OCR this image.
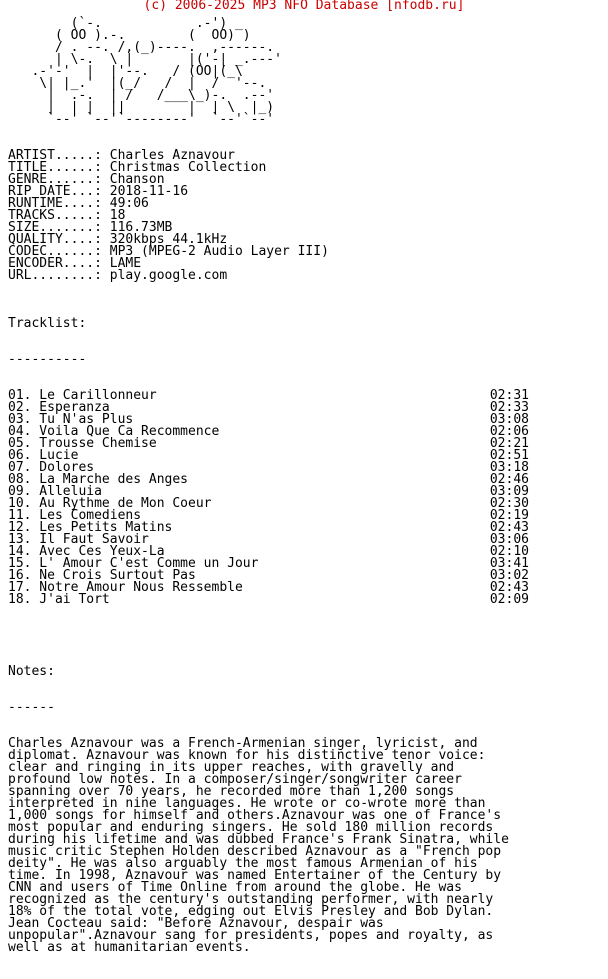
(c) 2006-2025 MP3 NFO Database [nfodb.ru]
(`-.            .-') _
( OO ).-.        (  OO) )
/ . --. /,(_)----.  ,------.
| \-.  \ |       |('-| _.---'
.-'-'  |  |'--.   / (OO|(_\
\| |_.'  |(_/   /  |  /  '--.
|  .-.  | /   /___\_)-.  .--'
|  | |  ||        |  | \  |_)
`--' `--'`--------'  `--'`--'
ARTIST.....: Charles Aznavour
TITLE......: Christmas Collection
GENRE......: Chanson
RIP DATE...: 2018-11-16
RUNTIME....: 49:06
TRACKS.....: 18
SIZE.......: 116.73MB
QUALITY....: 320kbps 44.1kHz
CODEC......: MP3 (MPEG-2 Audio Layer III)
ENCODER....: LAME
URL........: play.google.com

Tracklist:

----------

01. Le Carillonneur	02:31
02. Esperanza	02:33
03. Tu N'as Plus	03:08
04. Voila Que Ca Recommence	02:06
05. Trousse Chemise	02:21
06. Lucie	02:51
07. Dolores	03:18
08. La Marche des Anges	02:46
09. Alleluia	03:09
10. Au Rythme de Mon Coeur	02:30
11. Les Comediens	02:19
12. Les Petits Matins	02:43
13. Il Faut Savoir	03:06
14. Avec Ces Yeux-La	02:10
15. L' Amour C'est Comme un Jour	03:41
16. Ne Crois Surtout Pas	03:02
17. Notre Amour Nous Ressemble	02:43
18. J'ai Tort	02:09

Notes:

------

Charles Aznavour was a French-Armenian singer, lyricist, and
diplomat. Aznavour was known for his distinctive tenor voice:
clear and ringing in its upper reaches, with gravelly and
profound low notes. In a composer/singer/songwriter career
spanning over 70 years, he recorded more than 1,200 songs
interpreted in nine languages. He wrote or co-wrote more than
1,000 songs for himself and others.Aznavour was one of France's
most popular and enduring singers. He sold 180 million records
during his lifetime and was dubbed France's Frank Sinatra, while
music critic Stephen Holden described Aznavour as a "French pop
deity". He was also arguably the most famous Armenian of his
time. In 1998, Aznavour was named Entertainer of the Century by
CNN and users of Time Online from around the globe. He was
recognized as the century's outstanding performer, with nearly
18% of the total vote, edging out Elvis Presley and Bob Dylan.
Jean Cocteau said: "Before Aznavour, despair was
unpopular".Aznavour sang for presidents, popes and royalty, as
well as at humanitarian events.
